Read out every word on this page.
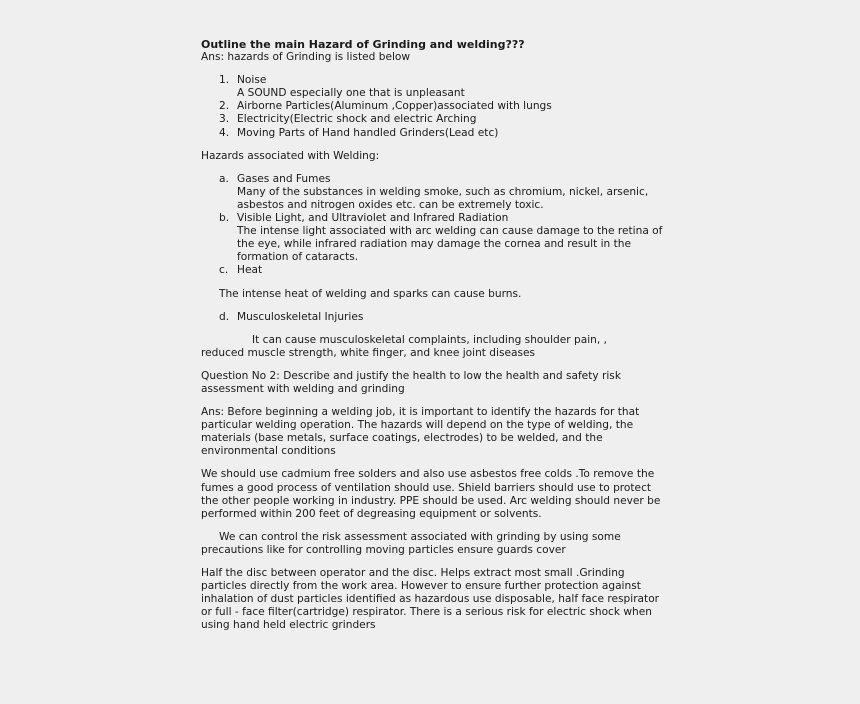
Outline the main Hazard of Grinding and welding???

Ans: hazards of Grinding is listed below

1. Noise
A SOUND especially one that is unpleasant
2. Airborne Particles(Aluminum ,Copper)associated with lungs
3. Electricity(Electric shock and electric Arching
4. Moving Parts of Hand handled Grinders(Lead etc)

Hazards associated with Welding:

a. Gases and Fumes
Many of the substances in welding smoke, such as chromium, nickel, arsenic, asbestos and nitrogen oxides etc. can be extremely toxic.
b. Visible Light, and Ultraviolet and Infrared Radiation
The intense light associated with arc welding can cause damage to the retina of the eye, while infrared radiation may damage the cornea and result in the formation of cataracts.
c. Heat

The intense heat of welding and sparks can cause burns.

d. Musculoskeletal Injuries

It can cause musculoskeletal complaints, including shoulder pain, ,

reduced muscle strength, white finger, and knee joint diseases

Question No 2: Describe and justify the health to low the health and safety risk assessment with welding and grinding

Ans: Before beginning a welding job, it is important to identify the hazards for that particular welding operation. The hazards will depend on the type of welding, the materials (base metals, surface coatings, electrodes) to be welded, and the environmental conditions

We should use cadmium free solders and also use asbestos free colds .To remove the fumes a good process of ventilation should use. Shield barriers should use to protect the other people working in industry. PPE should be used. Arc welding should never be performed within 200 feet of degreasing equipment or solvents.

We can control the risk assessment associated with grinding by using some precautions like for controlling moving particles ensure guards cover

Half the disc between operator and the disc. Helps extract most small .Grinding particles directly from the work area. However to ensure further protection against inhalation of dust particles identified as hazardous use disposable, half face respirator or full - face filter(cartridge) respirator. There is a serious risk for electric shock when using hand held electric grinders
